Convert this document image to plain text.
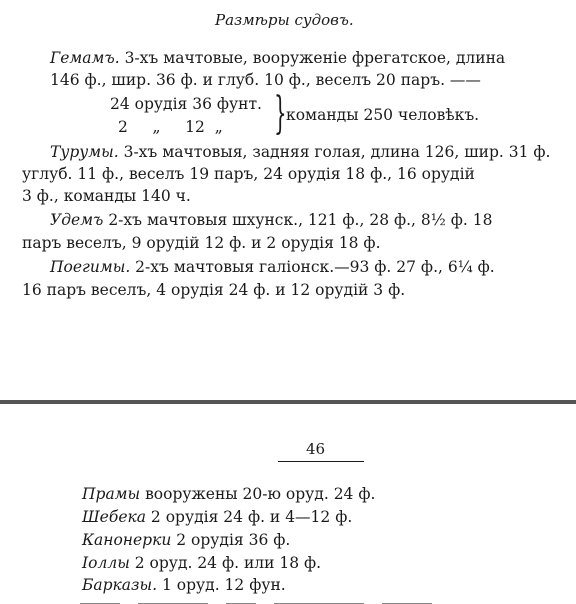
Размѣры судовъ.
Гемамъ. 3-хъ мачтовые, вооруженіе фрегатское, длина
146 ф., шир. 36 ф. и глуб. 10 ф., веселъ 20 паръ. ——
24 орудія 36 фунт.
2     „     12  „ } команды 250 человѣкъ.
Турумы. 3-хъ мачтовыя, задняя голая, длина 126, шир. 31 ф.
углуб. 11 ф., веселъ 19 паръ, 24 орудія 18 ф., 16 орудій
3 ф., команды 140 ч.
Удемъ 2-хъ мачтовыя шхунск., 121 ф., 28 ф., 8½ ф. 18
паръ веселъ, 9 орудій 12 ф. и 2 орудія 18 ф.
Поегимы. 2-хъ мачтовыя галіонск.—93 ф. 27 ф., 6¼ ф.
16 паръ веселъ, 4 орудія 24 ф. и 12 орудій 3 ф.
46
Прамы вооружены 20-ю оруд. 24 ф.
Шебека 2 орудія 24 ф. и 4—12 ф.
Канонерки 2 орудія 36 ф.
Іоллы 2 оруд. 24 ф. или 18 ф.
Барказы. 1 оруд. 12 фун.
